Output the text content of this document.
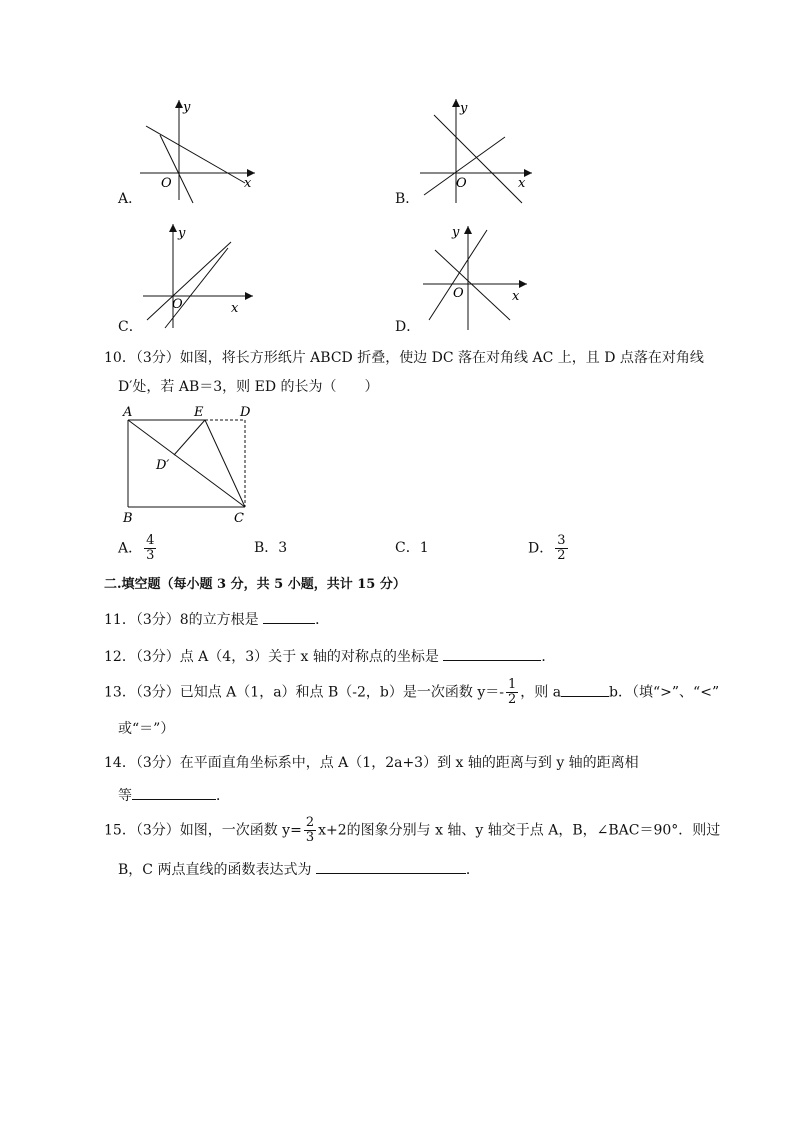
y
O	x
A．
y
O	x
B．
y
O	x
C．
y
O	x
D．
10．（3分）如图，将长方形纸片 ABCD 折叠，使边 DC 落在对角线 AC 上，且 D 点落在对角线
D′处，若 AB＝3，则 ED 的长为（　　）
A	E	D
D′
B	C
A． $\frac{4}{3}$	B．3	C．1	D． $\frac{3}{2}$
二.填空题（每小题 3 分，共 5 小题，共计 15 分）
11．（3分）8的立方根是	．
12．（3分）点 A（4，3）关于 x 轴的对称点的坐标是	．
13．（3分）已知点 A（1，a）和点 B（-2，b）是一次函数 $y=- \frac{1}{2}$ ，则 a	b．（填“>”、“<”
或“＝”）
14．（3分）在平面直角坐标系中，点 A（1，2a+3）到 x 轴的距离与到 y 轴的距离相
等	．
15．（3分）如图，一次函数 $y= \frac{2}{3} x+2$的图象分别与 x 轴、y 轴交于点 A，B，∠BAC＝90°．则过
B，C 两点直线的函数表达式为	．
